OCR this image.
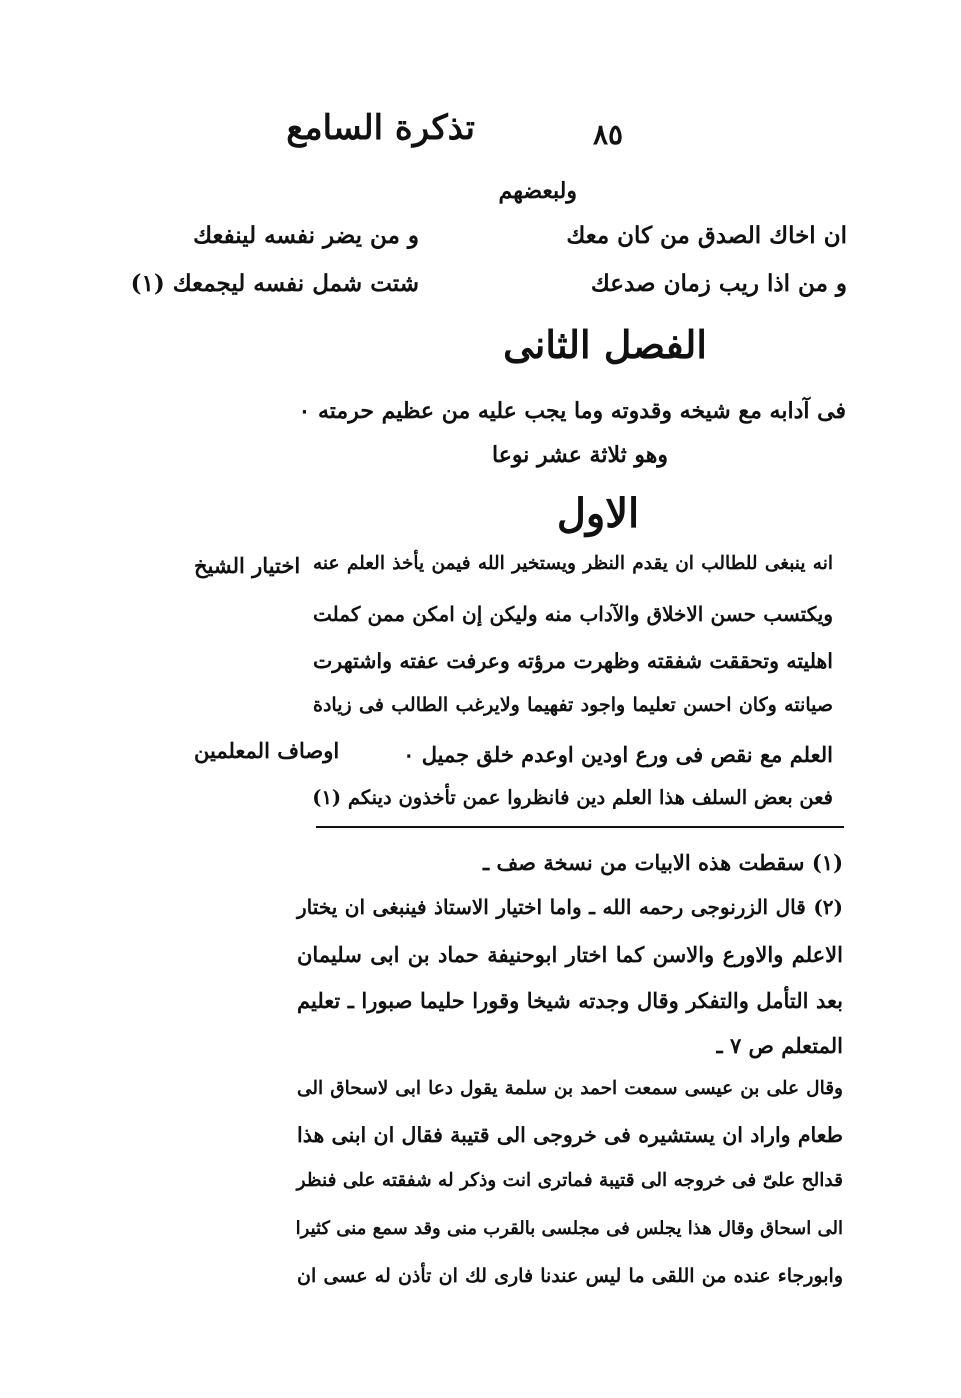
تذكرة السامع	٨٥
ولبعضهم
ان اخاك الصدق من كان معك
و من يضر نفسه لينفعك
و من اذا ريب زمان صدعك
شتت شمل نفسه ليجمعك (١)
الفصل الثانى
فى آدابه مع شيخه وقدوته وما يجب عليه من عظيم حرمته ٠
وهو ثلاثة عشر نوعا
الاول
انه ينبغى للطالب ان يقدم النظر ويستخير الله فيمن يأخذ العلم عنه
ويكتسب حسن الاخلاق والآداب منه وليكن إن امكن ممن كملت
اهليته وتحققت شفقته وظهرت مرؤته وعرفت عفته واشتهرت
صيانته وكان احسن تعليما واجود تفهيما ولايرغب الطالب فى زيادة
العلم مع نقص فى ورع اودين اوعدم خلق جميل ٠
فعن بعض السلف هذا العلم دين فانظروا عمن تأخذون دينكم (١)
اختيار الشيخ
اوصاف المعلمين
(١) سقطت هذه الابيات من نسخة صف ـ
(٢) قال الزرنوجى رحمه الله ـ واما اختيار الاستاذ فينبغى ان يختار
الاعلم والاورع والاسن كما اختار ابوحنيفة حماد بن ابى سليمان
بعد التأمل والتفكر وقال وجدته شيخا وقورا حليما صبورا ـ تعليم
المتعلم ص ٧ ـ
وقال على بن عيسى سمعت احمد بن سلمة يقول دعا ابى لاسحاق الى
طعام واراد ان يستشيره فى خروجى الى قتيبة فقال ان ابنى هذا
قدالح علىّ فى خروجه الى قتيبة فماترى انت وذكر له شفقته على فنظر
الى اسحاق وقال هذا يجلس فى مجلسى بالقرب منى وقد سمع منى كثيرا
وابورجاء عنده من اللقى ما ليس عندنا فارى لك ان تأذن له عسى ان
